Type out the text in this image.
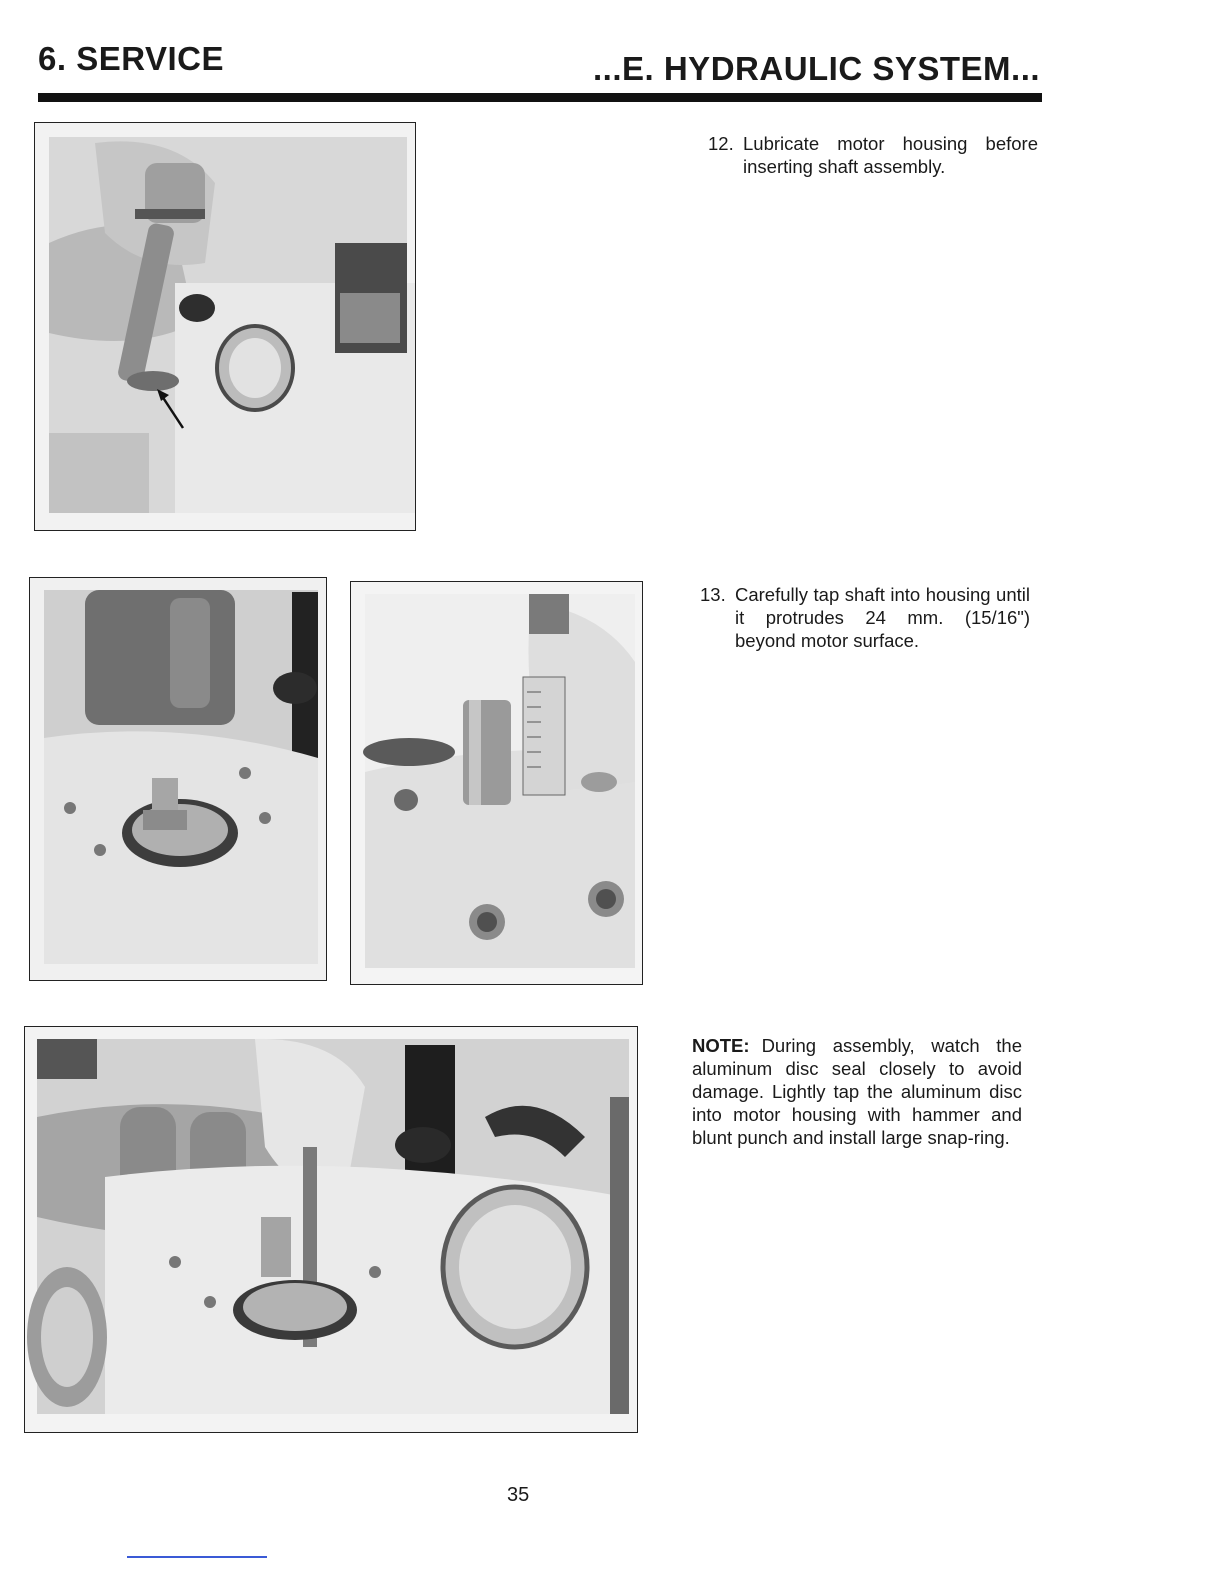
6. SERVICE	...E. HYDRAULIC SYSTEM...
12. Lubricate motor housing before inserting shaft assembly.
13. Carefully tap shaft into housing until it protrudes 24 mm. (15/16") beyond motor surface.
NOTE: During assembly, watch the aluminum disc seal closely to avoid damage. Lightly tap the aluminum disc into motor housing with hammer and blunt punch and install large snap-ring.
35
